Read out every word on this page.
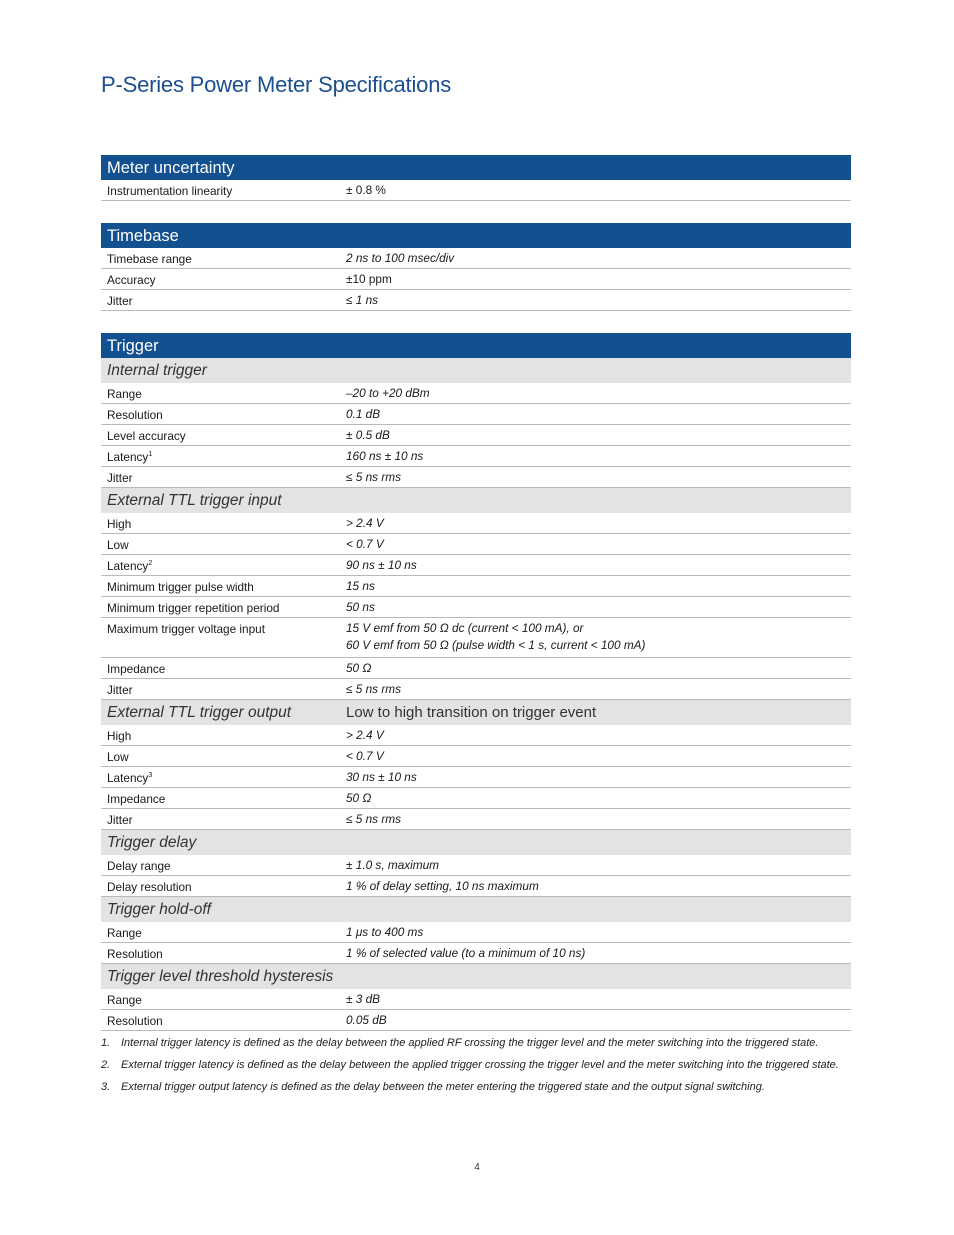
P-Series Power Meter Specifications
Meter uncertainty
Instrumentation linearity	± 0.8 %
Timebase
Timebase range	2 ns to 100 msec/div
Accuracy	±10 ppm
Jitter	≤ 1 ns
Trigger
Internal trigger
Range	–20 to +20 dBm
Resolution	0.1 dB
Level accuracy	± 0.5 dB
Latency$^1$	160 ns ± 10 ns
Jitter	≤ 5 ns rms
External TTL trigger input
High	> 2.4 V
Low	< 0.7 V
Latency$^2$	90 ns ± 10 ns
Minimum trigger pulse width	15 ns
Minimum trigger repetition period	50 ns
Maximum trigger voltage input	15 V emf from 50 Ω dc (current < 100 mA), or
60 V emf from 50 Ω (pulse width < 1 s, current < 100 mA)
Impedance	50 Ω
Jitter	≤ 5 ns rms
External TTL trigger output	Low to high transition on trigger event
High	> 2.4 V
Low	< 0.7 V
Latency$^3$	30 ns ± 10 ns
Impedance	50 Ω
Jitter	≤ 5 ns rms
Trigger delay
Delay range	± 1.0 s, maximum
Delay resolution	1 % of delay setting, 10 ns maximum
Trigger hold-off
Range	1 μs to 400 ms
Resolution	1 % of selected value (to a minimum of 10 ns)
Trigger level threshold hysteresis
Range	± 3 dB
Resolution	0.05 dB
1. Internal trigger latency is defined as the delay between the applied RF crossing the trigger level and the meter switching into the triggered state.
2. External trigger latency is defined as the delay between the applied trigger crossing the trigger level and the meter switching into the triggered state.
3. External trigger output latency is defined as the delay between the meter entering the triggered state and the output signal switching.
4
